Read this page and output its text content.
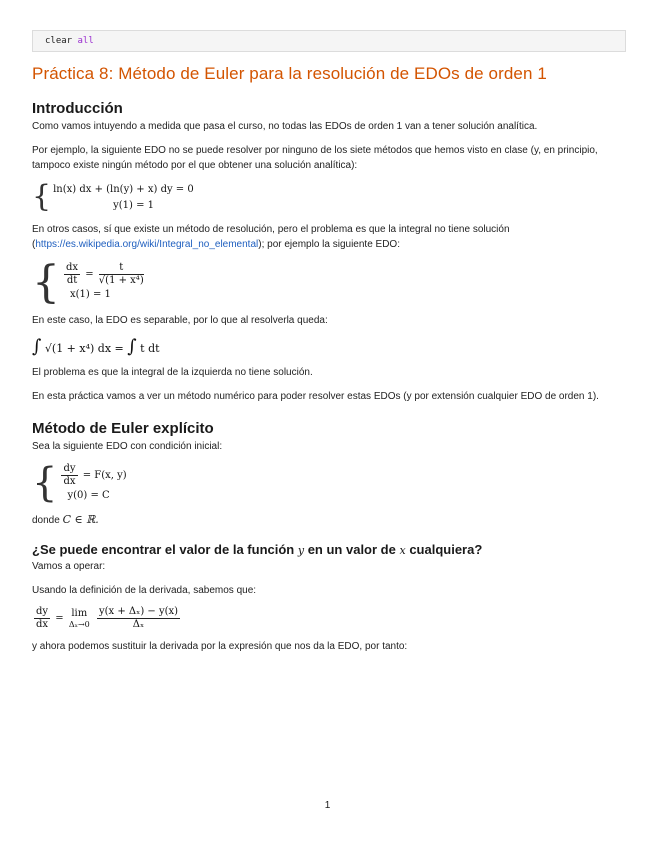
clear all
Práctica 8: Método de Euler para la resolución de EDOs de orden 1
Introducción

Como vamos intuyendo a medida que pasa el curso, no todas las EDOs de orden 1 van a tener solución analítica.

Por ejemplo, la siguiente EDO no se puede resolver por ninguno de los siete métodos que hemos visto en clase (y, en principio, tampoco existe ningún método por el que obtener una solución analítica):

{ ln(x) dx + (ln(y) + x) dy = 0
y(1) = 1

En otros casos, sí que existe un método de resolución, pero el problema es que la integral no tiene solución (https://es.wikipedia.org/wiki/Integral_no_elemental); por ejemplo la siguiente EDO:

{ $\frac{dx}{dt} = \frac{t}{\text{√(1 + x⁴)}}$
x(1) = 1

En este caso, la EDO es separable, por lo que al resolverla queda:

∫ √(1 + x⁴) dx = ∫ t dt

El problema es que la integral de la izquierda no tiene solución.

En esta práctica vamos a ver un método numérico para poder resolver estas EDOs (y por extensión cualquier EDO de orden 1).

Método de Euler explícito

Sea la siguiente EDO con condición inicial:

{ $\frac{dy}{dx} = F(x$, y)
y(0) = C

donde C ∈ ℝ.

¿Se puede encontrar el valor de la función y en un valor de x cualquiera?

Vamos a operar:

Usando la definición de la derivada, sabemos que:

$\frac{dy}{dx} = \lim$
Δₓ→0
$\frac{\text{y(x + Δₓ) − y(x)}}{\text{Δₓ}}$

y ahora podemos sustituir la derivada por la expresión que nos da la EDO, por tanto:

1
